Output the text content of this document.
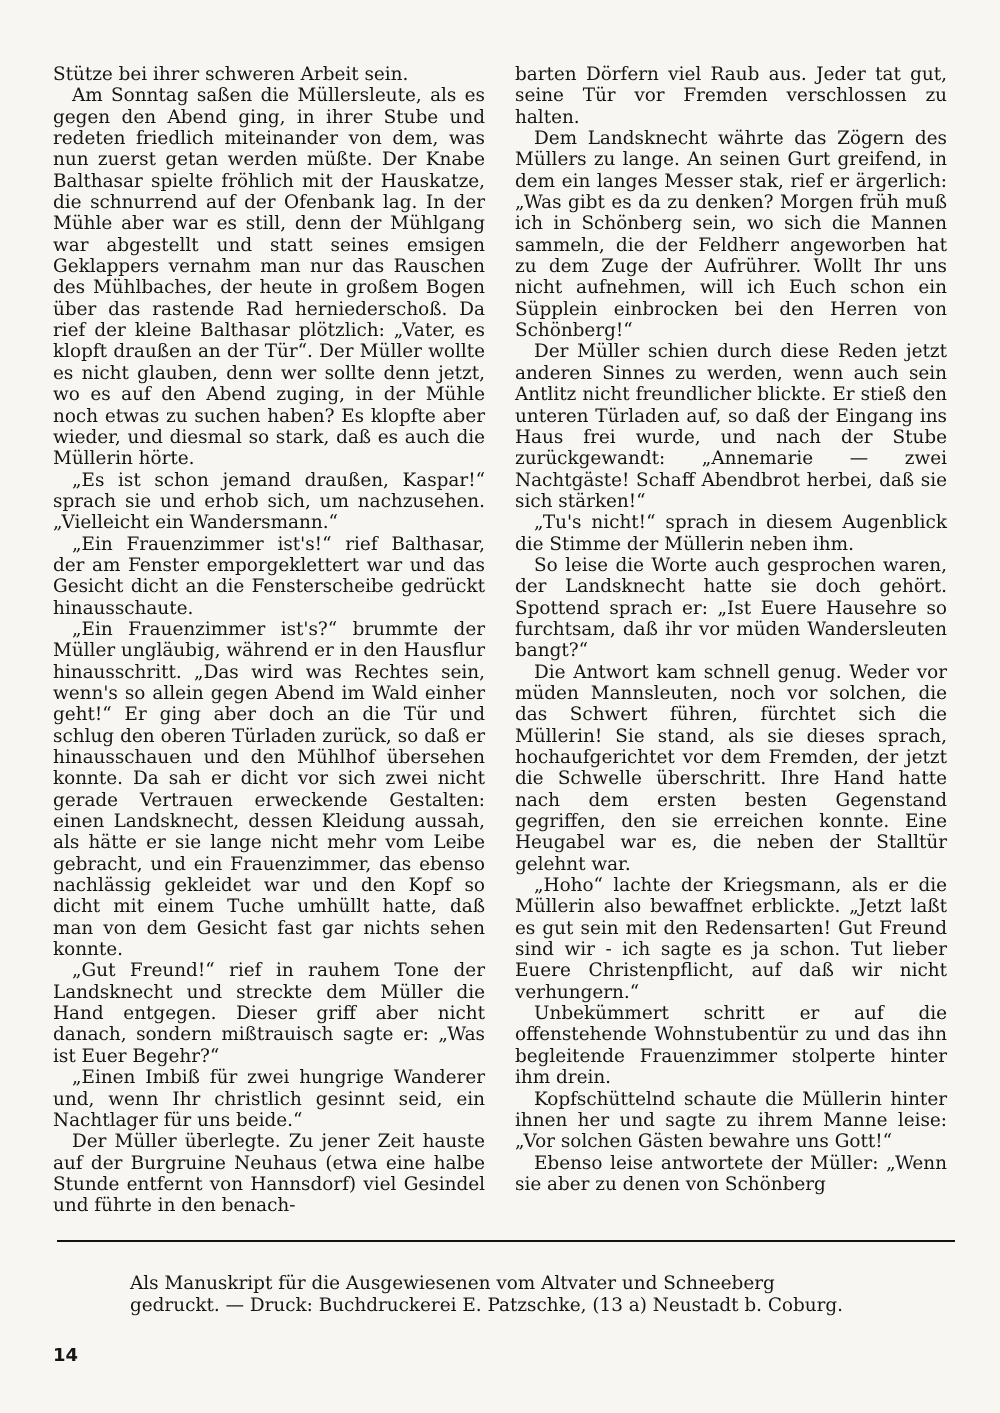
Stütze bei ihrer schweren Arbeit sein.

Am Sonntag saßen die Müllersleute, als es gegen den Abend ging, in ihrer Stube und redeten friedlich miteinander von dem, was nun zuerst getan werden müßte. Der Knabe Balthasar spielte fröhlich mit der Hauskatze, die schnurrend auf der Ofenbank lag. In der Mühle aber war es still, denn der Mühlgang war abgestellt und statt seines emsigen Geklappers vernahm man nur das Rauschen des Mühlbaches, der heute in großem Bogen über das rastende Rad herniederschoß. Da rief der kleine Balthasar plötzlich: „Vater, es klopft draußen an der Tür“. Der Müller wollte es nicht glauben, denn wer sollte denn jetzt, wo es auf den Abend zuging, in der Mühle noch etwas zu suchen haben? Es klopfte aber wieder, und diesmal so stark, daß es auch die Müllerin hörte.

„Es ist schon jemand draußen, Kaspar!“ sprach sie und erhob sich, um nachzusehen. „Vielleicht ein Wandersmann.“

„Ein Frauenzimmer ist's!“ rief Balthasar, der am Fenster emporgeklettert war und das Gesicht dicht an die Fensterscheibe gedrückt hinausschaute.

„Ein Frauenzimmer ist's?“ brummte der Müller ungläubig, während er in den Hausflur hinausschritt. „Das wird was Rechtes sein, wenn's so allein gegen Abend im Wald einher geht!“ Er ging aber doch an die Tür und schlug den oberen Türladen zurück, so daß er hinausschauen und den Mühlhof übersehen konnte. Da sah er dicht vor sich zwei nicht gerade Vertrauen erweckende Gestalten: einen Landsknecht, dessen Kleidung aussah, als hätte er sie lange nicht mehr vom Leibe gebracht, und ein Frauenzimmer, das ebenso nachlässig gekleidet war und den Kopf so dicht mit einem Tuche umhüllt hatte, daß man von dem Gesicht fast gar nichts sehen konnte.

„Gut Freund!“ rief in rauhem Tone der Landsknecht und streckte dem Müller die Hand entgegen. Dieser griff aber nicht danach, sondern mißtrauisch sagte er: „Was ist Euer Begehr?“

„Einen Imbiß für zwei hungrige Wanderer und, wenn Ihr christlich gesinnt seid, ein Nachtlager für uns beide.“

Der Müller überlegte. Zu jener Zeit hauste auf der Burgruine Neuhaus (etwa eine halbe Stunde entfernt von Hannsdorf) viel Gesindel und führte in den benach-

barten Dörfern viel Raub aus. Jeder tat gut, seine Tür vor Fremden verschlossen zu halten.

Dem Landsknecht währte das Zögern des Müllers zu lange. An seinen Gurt greifend, in dem ein langes Messer stak, rief er ärgerlich: „Was gibt es da zu denken? Morgen früh muß ich in Schönberg sein, wo sich die Mannen sammeln, die der Feldherr angeworben hat zu dem Zuge der Aufrührer. Wollt Ihr uns nicht aufnehmen, will ich Euch schon ein Süpplein einbrocken bei den Herren von Schönberg!“

Der Müller schien durch diese Reden jetzt anderen Sinnes zu werden, wenn auch sein Antlitz nicht freundlicher blickte. Er stieß den unteren Türladen auf, so daß der Eingang ins Haus frei wurde, und nach der Stube zurückgewandt: „Annemarie — zwei Nachtgäste! Schaff Abendbrot herbei, daß sie sich stärken!“

„Tu's nicht!“ sprach in diesem Augenblick die Stimme der Müllerin neben ihm.

So leise die Worte auch gesprochen waren, der Landsknecht hatte sie doch gehört. Spottend sprach er: „Ist Euere Hausehre so furchtsam, daß ihr vor müden Wandersleuten bangt?“

Die Antwort kam schnell genug. Weder vor müden Mannsleuten, noch vor solchen, die das Schwert führen, fürchtet sich die Müllerin! Sie stand, als sie dieses sprach, hochaufgerichtet vor dem Fremden, der jetzt die Schwelle überschritt. Ihre Hand hatte nach dem ersten besten Gegenstand gegriffen, den sie erreichen konnte. Eine Heugabel war es, die neben der Stalltür gelehnt war.

„Hoho“ lachte der Kriegsmann, als er die Müllerin also bewaffnet erblickte. „Jetzt laßt es gut sein mit den Redensarten! Gut Freund sind wir - ich sagte es ja schon. Tut lieber Euere Christenpflicht, auf daß wir nicht verhungern.“

Unbekümmert schritt er auf die offenstehende Wohnstubentür zu und das ihn begleitende Frauenzimmer stolperte hinter ihm drein.

Kopfschüttelnd schaute die Müllerin hinter ihnen her und sagte zu ihrem Manne leise: „Vor solchen Gästen bewahre uns Gott!“

Ebenso leise antwortete der Müller: „Wenn sie aber zu denen von Schönberg

Als Manuskript für die Ausgewiesenen vom Altvater und Schneeberg
gedruckt. — Druck: Buchdruckerei E. Patzschke, (13 a) Neustadt b. Coburg.
14
